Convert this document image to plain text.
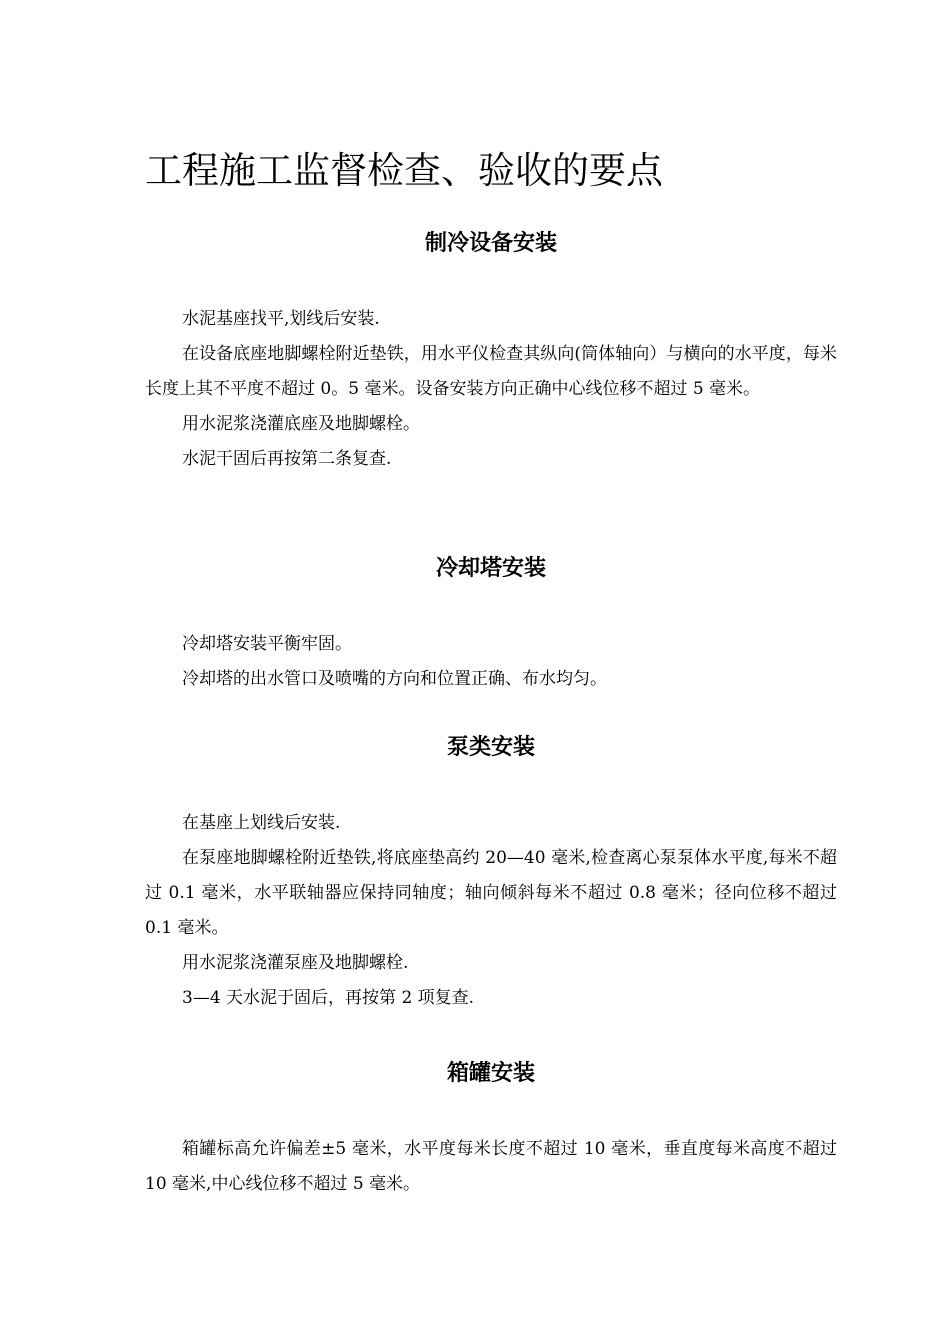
工程施工监督检查、验收的要点
制冷设备安装

水泥基座找平,划线后安装.

在设备底座地脚螺栓附近垫铁，用水平仪检查其纵向(筒体轴向）与横向的水平度，每米长度上其不平度不超过 0。5 毫米。设备安装方向正确中心线位移不超过 5 毫米。

用水泥浆浇灌底座及地脚螺栓。

水泥干固后再按第二条复查.

冷却塔安装

冷却塔安装平衡牢固。

冷却塔的出水管口及喷嘴的方向和位置正确、布水均匀。

泵类安装

在基座上划线后安装.

在泵座地脚螺栓附近垫铁,将底座垫高约 20—40 毫米,检查离心泵泵体水平度,每米不超过 0.1 毫米，水平联轴器应保持同轴度；轴向倾斜每米不超过 0.8 毫米；径向位移不超过 0.1 毫米。

用水泥浆浇灌泵座及地脚螺栓.

3—4 天水泥于固后，再按第 2 项复查.

箱罐安装

箱罐标高允许偏差±5 毫米，水平度每米长度不超过 10 毫米，垂直度每米高度不超过 10 毫米,中心线位移不超过 5 毫米。
